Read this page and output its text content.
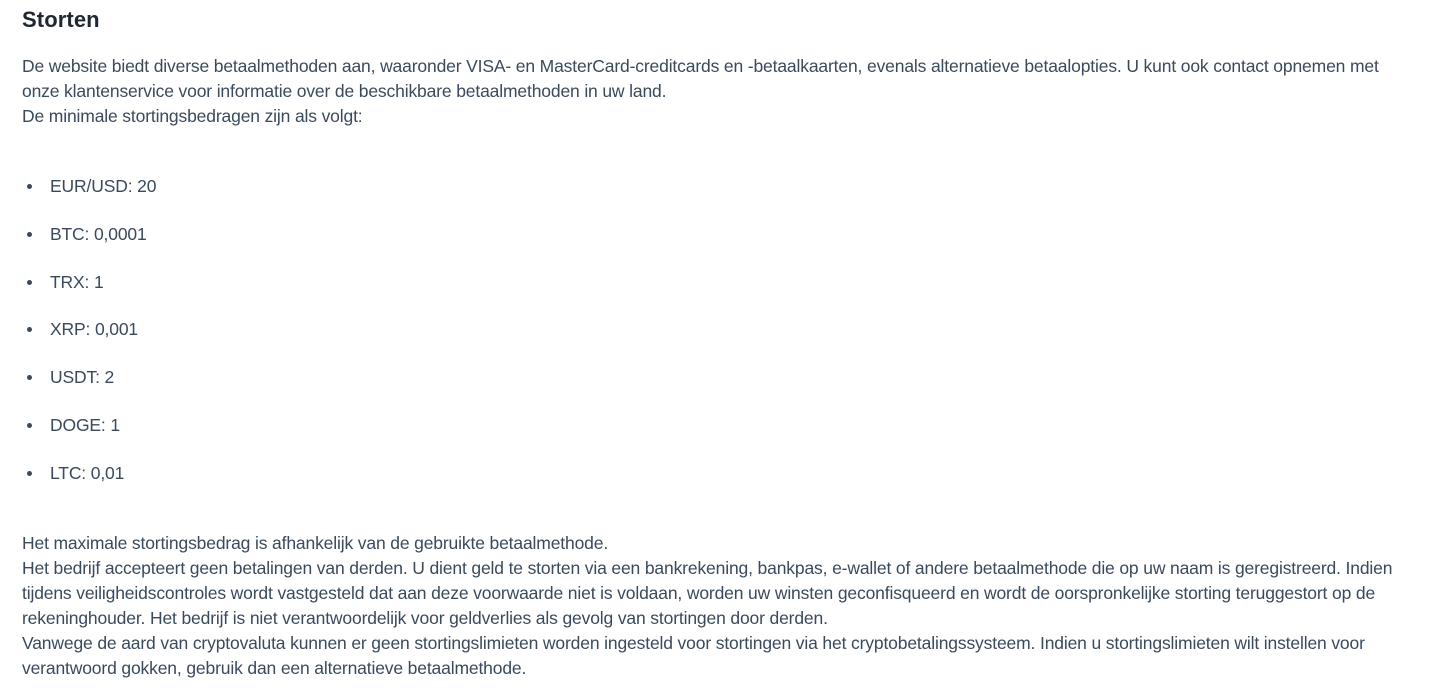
Storten

De website biedt diverse betaalmethoden aan, waaronder VISA- en MasterCard-creditcards en -betaalkaarten, evenals alternatieve betaalopties. U kunt ook contact opnemen met onze klantenservice voor informatie over de beschikbare betaalmethoden in uw land.

De minimale stortingsbedragen zijn als volgt:

EUR/USD: 20
BTC: 0,0001
TRX: 1
XRP: 0,001
USDT: 2
DOGE: 1
LTC: 0,01

Het maximale stortingsbedrag is afhankelijk van de gebruikte betaalmethode.

Het bedrijf accepteert geen betalingen van derden. U dient geld te storten via een bankrekening, bankpas, e-wallet of andere betaalmethode die op uw naam is geregistreerd. Indien tijdens veiligheidscontroles wordt vastgesteld dat aan deze voorwaarde niet is voldaan, worden uw winsten geconfisqueerd en wordt de oorspronkelijke storting teruggestort op de rekeninghouder. Het bedrijf is niet verantwoordelijk voor geldverlies als gevolg van stortingen door derden.

Vanwege de aard van cryptovaluta kunnen er geen stortingslimieten worden ingesteld voor stortingen via het cryptobetalingssysteem. Indien u stortingslimieten wilt instellen voor verantwoord gokken, gebruik dan een alternatieve betaalmethode.
